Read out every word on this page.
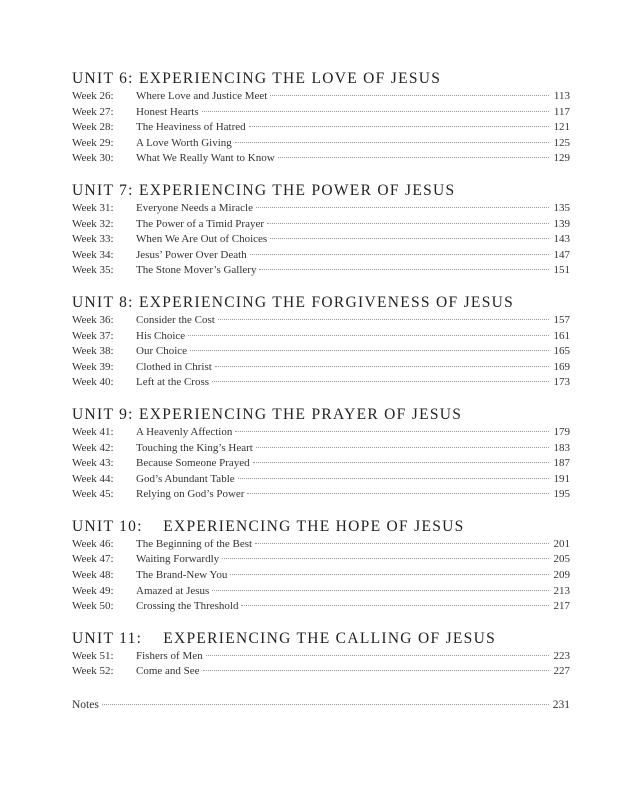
UNIT 6: EXPERIENCING THE LOVE OF JESUS
Week 26:	Where Love and Justice Meet	113
Week 27:	Honest Hearts	117
Week 28:	The Heaviness of Hatred	121
Week 29:	A Love Worth Giving	125
Week 30:	What We Really Want to Know	129
UNIT 7: EXPERIENCING THE POWER OF JESUS
Week 31:	Everyone Needs a Miracle	135
Week 32:	The Power of a Timid Prayer	139
Week 33:	When We Are Out of Choices	143
Week 34:	Jesus’ Power Over Death	147
Week 35:	The Stone Mover’s Gallery	151
UNIT 8: EXPERIENCING THE FORGIVENESS OF JESUS
Week 36:	Consider the Cost	157
Week 37:	His Choice	161
Week 38:	Our Choice	165
Week 39:	Clothed in Christ	169
Week 40:	Left at the Cross	173
UNIT 9: EXPERIENCING THE PRAYER OF JESUS
Week 41:	A Heavenly Affection	179
Week 42:	Touching the King’s Heart	183
Week 43:	Because Someone Prayed	187
Week 44:	God’s Abundant Table	191
Week 45:	Relying on God’s Power	195
UNIT 10: EXPERIENCING THE HOPE OF JESUS
Week 46:	The Beginning of the Best	201
Week 47:	Waiting Forwardly	205
Week 48:	The Brand-New You	209
Week 49:	Amazed at Jesus	213
Week 50:	Crossing the Threshold	217
UNIT 11: EXPERIENCING THE CALLING OF JESUS
Week 51:	Fishers of Men	223
Week 52:	Come and See	227
Notes	231
